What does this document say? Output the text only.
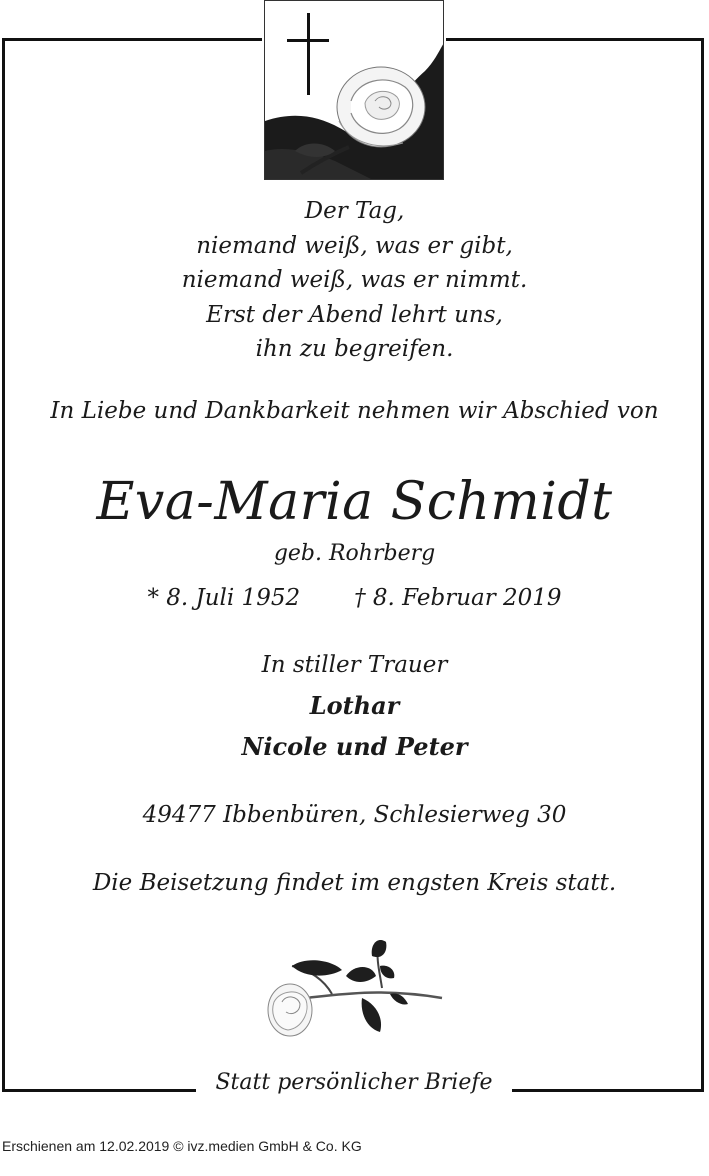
Der Tag,
niemand weiß, was er gibt,
niemand weiß, was er nimmt.
Erst der Abend lehrt uns,
ihn zu begreifen.
In Liebe und Dankbarkeit nehmen wir Abschied von
Eva-Maria Schmidt
geb. Rohrberg
* 8. Juli 1952 † 8. Februar 2019
In stiller Trauer
Lothar
Nicole und Peter
49477 Ibbenbüren, Schlesierweg 30
Die Beisetzung findet im engsten Kreis statt.
Statt persönlicher Briefe
Erschienen am 12.02.2019 © ivz.medien GmbH & Co. KG
